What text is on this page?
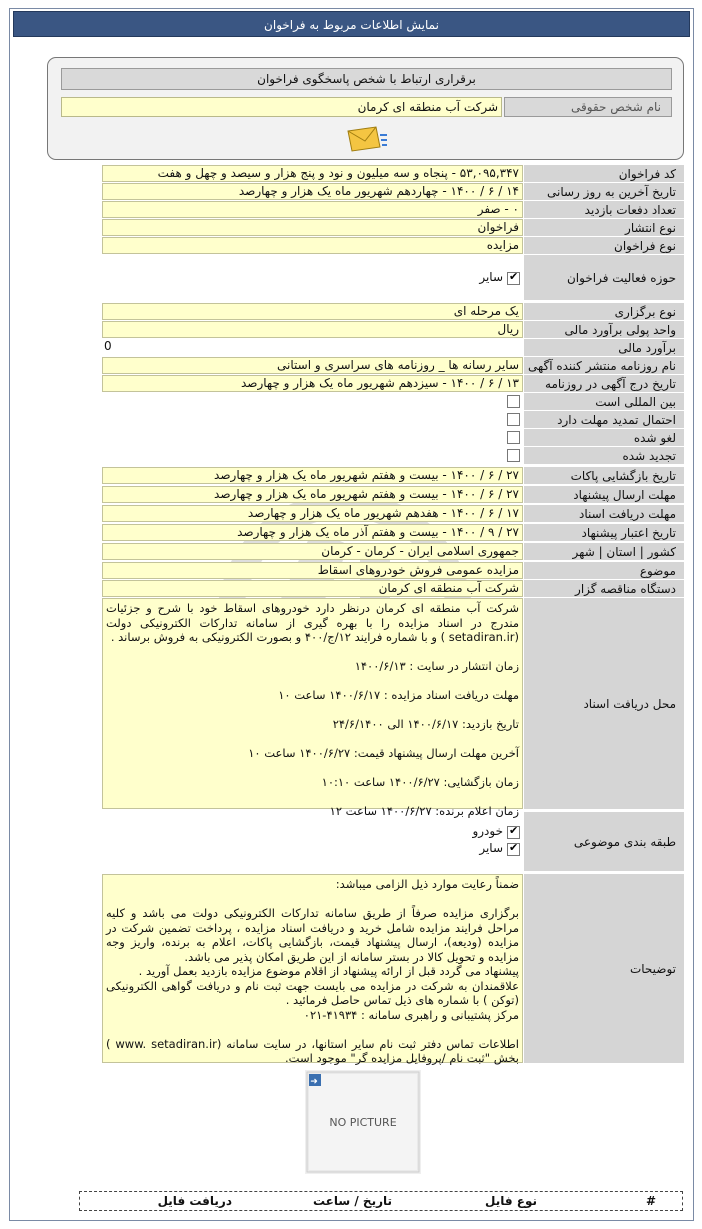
نمایش اطلاعات مربوط به فراخوان
برقراری ارتباط با شخص پاسخگوی فراخوان
نام شخص حقوقی
شرکت آب منطقه ای کرمان
کد فراخوان
۵۳,۰۹۵,۳۴۷ - پنجاه و سه میلیون و نود و پنج هزار و سیصد و چهل و هفت
تاریخ آخرین به روز رسانی
۱۴ / ۶ / ۱۴۰۰ - چهاردهم شهریور ماه یک هزار و چهارصد
تعداد دفعات بازدید
۰ - صفر
نوع انتشار
فراخوان
نوع فراخوان
مزایده
حوزه فعالیت فراخوان
✔
سایر
نوع برگزاری
یک مرحله ای
واحد پولی برآورد مالی
ریال
برآورد مالی
0
نام روزنامه منتشر کننده آگهی
سایر رسانه ها _ روزنامه های سراسری و استانی
تاریخ درج آگهی در روزنامه
۱۳ / ۶ / ۱۴۰۰ - سیزدهم شهریور ماه یک هزار و چهارصد
بین المللی است
احتمال تمدید مهلت دارد
لغو شده
تجدید شده
تاریخ بازگشایی پاکات
۲۷ / ۶ / ۱۴۰۰ - بیست و هفتم شهریور ماه یک هزار و چهارصد
مهلت ارسال پیشنهاد
۲۷ / ۶ / ۱۴۰۰ - بیست و هفتم شهریور ماه یک هزار و چهارصد
مهلت دریافت اسناد
۱۷ / ۶ / ۱۴۰۰ - هفدهم شهریور ماه یک هزار و چهارصد
تاریخ اعتبار پیشنهاد
۲۷ / ۹ / ۱۴۰۰ - بیست و هفتم آذر ماه یک هزار و چهارصد
کشور | استان | شهر
جمهوری اسلامی ایران - کرمان - کرمان
موضوع
مزایده عمومی فروش خودروهای اسقاط
دستگاه مناقصه گزار
شرکت آب منطقه ای کرمان
محل دریافت اسناد
شرکت آب منطقه ای کرمان درنظر دارد خودروهای اسقاط خود با شرح و جزئیات مندرج در اسناد مزایده را با بهره گیری از سامانه تدارکات الکترونیکی دولت (setadiran.ir ) و با شماره فرایند ۱۲/ج/۴۰۰ و بصورت الکترونیکی به فروش برساند .

زمان انتشار در سایت : ۱۴۰۰/۶/۱۳

مهلت دریافت اسناد مزایده : ۱۴۰۰/۶/۱۷ ساعت ۱۰

تاریخ بازدید: ۱۴۰۰/۶/۱۷ الی ۲۴/۶/۱۴۰۰

آخرین مهلت ارسال پیشنهاد قیمت: ۱۴۰۰/۶/۲۷ ساعت ۱۰

زمان بازگشایی: ۱۴۰۰/۶/۲۷ ساعت ۱۰:۱۰

زمان اعلام برنده: ۱۴۰۰/۶/۲۷ ساعت ۱۲
طبقه بندی موضوعی
✔
خودرو
✔
سایر
توضیحات
ضمناً رعایت موارد ذیل الزامی میباشد:

برگزاری مزایده صرفاً از طریق سامانه تدارکات الکترونیکی دولت می باشد و کلیه مراحل فرایند مزایده شامل خرید و دریافت اسناد مزایده ، پرداخت تضمین شرکت در مزایده (ودیعه)، ارسال پیشنهاد قیمت، بازگشایی پاکات، اعلام به برنده، واریز وجه مزایده و تحویل کالا در بستر سامانه از این طریق امکان پذیر می باشد.
پیشنهاد می گردد قبل از ارائه پیشنهاد از اقلام موضوع مزایده بازدید بعمل آورید .
علاقمندان به شرکت در مزایده می بایست جهت ثبت نام و دریافت گواهی الکترونیکی (توکن ) با شماره های ذیل تماس حاصل فرمائید .
مرکز پشتیبانی و راهبری سامانه : ۴۱۹۳۴-۰۲۱

اطلاعات تماس دفتر ثبت نام سایر استانها، در سایت سامانه (www. setadiran.ir ) بخش "ثبت نام /پروفایل مزایده گر" موجود است.
➜
NO PICTURE
#
نوع فایل
تاریخ / ساعت
دریافت فایل
